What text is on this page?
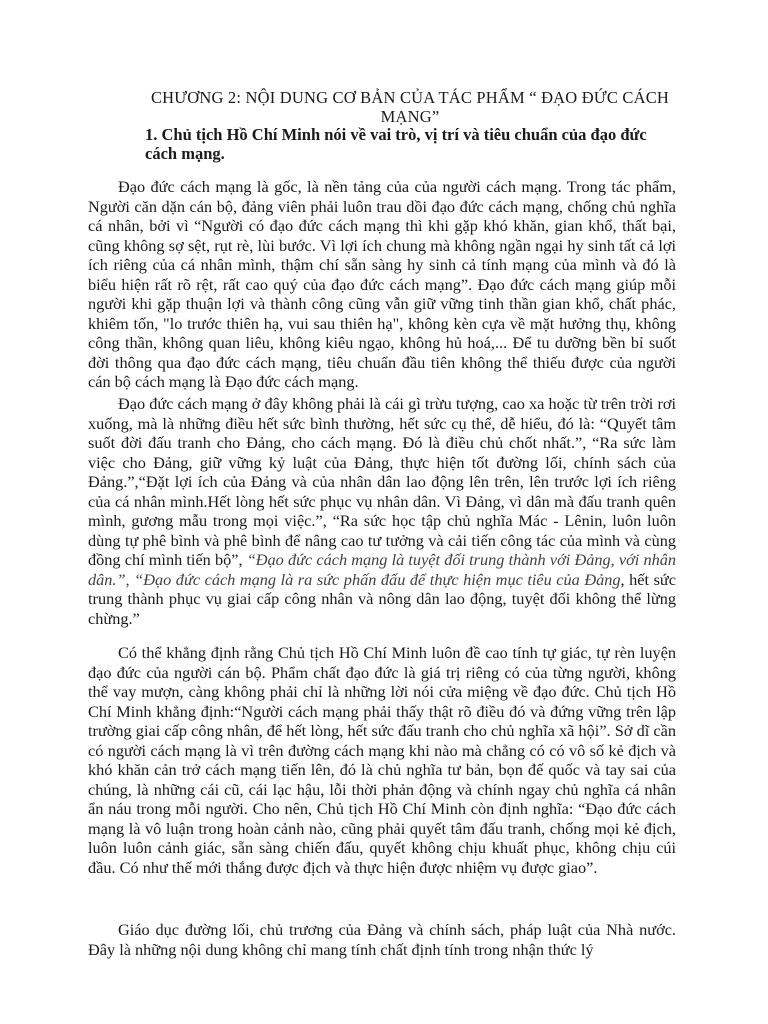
CHƯƠNG 2: NỘI DUNG CƠ BẢN CỦA TÁC PHẨM “ ĐẠO ĐỨC CÁCH MẠNG”
1. Chủ tịch Hồ Chí Minh nói về vai trò, vị trí và tiêu chuẩn của đạo đức cách mạng.

Đạo đức cách mạng là gốc, là nền tảng của của người cách mạng. Trong tác phẩm, Người căn dặn cán bộ, đảng viên phải luôn trau dồi đạo đức cách mạng, chống chủ nghĩa cá nhân, bởi vì “Người có đạo đức cách mạng thì khi gặp khó khăn, gian khổ, thất bại, cũng không sợ sệt, rụt rè, lùi bước. Vì lợi ích chung mà không ngần ngại hy sinh tất cả lợi ích riêng của cá nhân mình, thậm chí sẵn sàng hy sinh cả tính mạng của mình và đó là biểu hiện rất rõ rệt, rất cao quý của đạo đức cách mạng”. Đạo đức cách mạng giúp mỗi người khi gặp thuận lợi và thành công cũng vẫn giữ vững tinh thần gian khổ, chất phác, khiêm tốn, "lo trước thiên hạ, vui sau thiên hạ", không kèn cựa về mặt hưởng thụ, không công thần, không quan liêu, không kiêu ngạo, không hủ hoá,... Để tu dưỡng bền bỉ suốt đời thông qua đạo đức cách mạng, tiêu chuẩn đầu tiên không thể thiếu được của người cán bộ cách mạng là Đạo đức cách mạng.

Đạo đức cách mạng ở đây không phải là cái gì trừu tượng, cao xa hoặc từ trên trời rơi xuống, mà là những điều hết sức bình thường, hết sức cụ thể, dễ hiểu, đó là: “Quyết tâm suốt đời đấu tranh cho Đảng, cho cách mạng. Đó là điều chủ chốt nhất.”, “Ra sức làm việc cho Đảng, giữ vững kỷ luật của Đảng, thực hiện tốt đường lối, chính sách của Đảng.”,“Đặt lợi ích của Đảng và của nhân dân lao động lên trên, lên trước lợi ích riêng của cá nhân mình.Hết lòng hết sức phục vụ nhân dân. Vì Đảng, vì dân mà đấu tranh quên mình, gương mẫu trong mọi việc.”, “Ra sức học tập chủ nghĩa Mác - Lênin, luôn luôn dùng tự phê bình và phê bình để nâng cao tư tưởng và cải tiến công tác của mình và cùng đồng chí mình tiến bộ”, “Đạo đức cách mạng là tuyệt đối trung thành với Đảng, với nhân dân.”, “Đạo đức cách mạng là ra sức phấn đấu để thực hiện mục tiêu của Đảng, hết sức trung thành phục vụ giai cấp công nhân và nông dân lao động, tuyệt đối không thể lừng chừng.”

Có thể khẳng định rằng Chủ tịch Hồ Chí Minh luôn đề cao tính tự giác, tự rèn luyện đạo đức của người cán bộ. Phẩm chất đạo đức là giá trị riêng có của từng người, không thể vay mượn, càng không phải chỉ là những lời nói cửa miệng về đạo đức. Chủ tịch Hồ Chí Minh khẳng định:“Người cách mạng phải thấy thật rõ điều đó và đứng vững trên lập trường giai cấp công nhân, để hết lòng, hết sức đấu tranh cho chủ nghĩa xã hội”. Sở dĩ cần có người cách mạng là vì trên đường cách mạng khi nào mà chẳng có có vô số kẻ địch và khó khăn cản trở cách mạng tiến lên, đó là chủ nghĩa tư bản, bọn đế quốc và tay sai của chúng, là những cái cũ, cái lạc hậu, lỗi thời phản động và chính ngay chủ nghĩa cá nhân ẩn náu trong mỗi người. Cho nên, Chủ tịch Hồ Chí Minh còn định nghĩa: “Đạo đức cách mạng là vô luận trong hoàn cảnh nào, cũng phải quyết tâm đấu tranh, chống mọi kẻ địch, luôn luôn cảnh giác, sẵn sàng chiến đấu, quyết không chịu khuất phục, không chịu cúi đầu. Có như thế mới thắng được địch và thực hiện được nhiệm vụ được giao”.

Giáo dục đường lối, chủ trương của Đảng và chính sách, pháp luật của Nhà nước. Đây là những nội dung không chỉ mang tính chất định tính trong nhận thức lý
